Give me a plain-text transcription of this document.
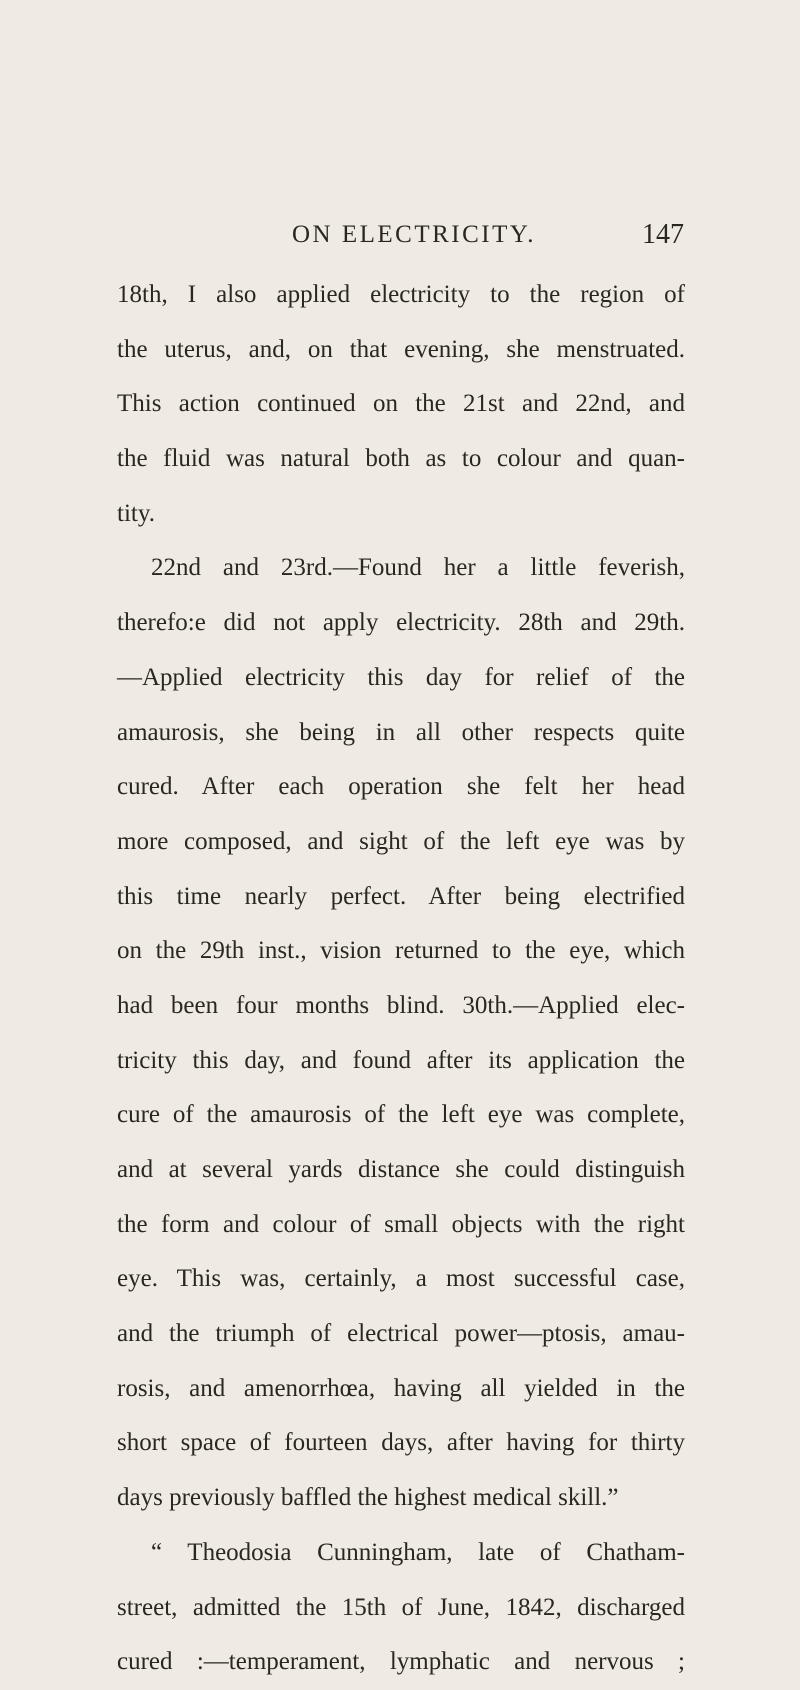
ON ELECTRICITY.	147
18th, I also applied electricity to the region of
the uterus, and, on that evening, she menstruated.
This action continued on the 21st and 22nd, and
the fluid was natural both as to colour and quan-
tity.
22nd and 23rd.—Found her a little feverish,
therefo:e did not apply electricity. 28th and 29th.
—Applied electricity this day for relief of the
amaurosis, she being in all other respects quite
cured. After each operation she felt her head
more composed, and sight of the left eye was by
this time nearly perfect. After being electrified
on the 29th inst., vision returned to the eye, which
had been four months blind. 30th.—Applied elec-
tricity this day, and found after its application the
cure of the amaurosis of the left eye was complete,
and at several yards distance she could distinguish
the form and colour of small objects with the right
eye. This was, certainly, a most successful case,
and the triumph of electrical power—ptosis, amau-
rosis, and amenorrhœa, having all yielded in the
short space of fourteen days, after having for thirty
days previously baffled the highest medical skill.”
“ Theodosia Cunningham, late of Chatham-
street, admitted the 15th of June, 1842, discharged
cured :—temperament, lymphatic and nervous ;
